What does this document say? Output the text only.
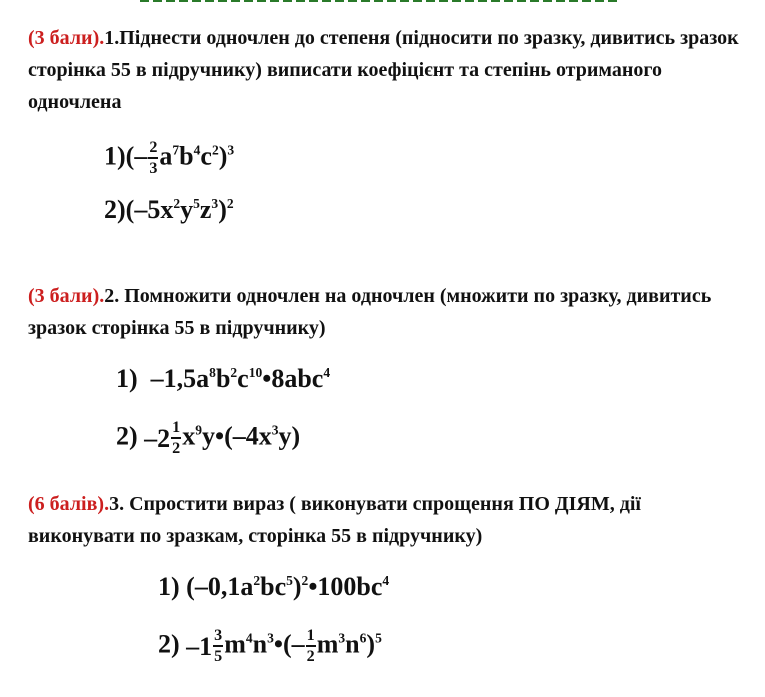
(3 бали).1.Піднести одночлен до степеня (підносити по зразку, дивитись зразок сторінка 55 в підручнику) виписати коефіцієнт та степінь отриманого одночлена
$1)(- \frac{2}{3} a^7b^4c^2)^3$
$2)(-5x^2y^5z^3)^2$
(3 бали).2. Помножити одночлен на одночлен (множити по зразку, дивитись зразок сторінка 55 в підручнику)
1) $-1,5a^8b^2c^{10}•8abc^4$
2) $-2 \frac{1}{2}$ $x^9y•(-4x^3y)$
(6 балів).3. Спростити вираз ( виконувати спрощення ПО ДІЯМ, дії виконувати по зразкам, сторінка 55 в підручнику)
1) $(-0,1a^2bc^5)^2•100bc^4$
2) $-1 \frac{3}{5}$ $m^4n^3•(- \frac{1}{2} m^3n^6)^5$
